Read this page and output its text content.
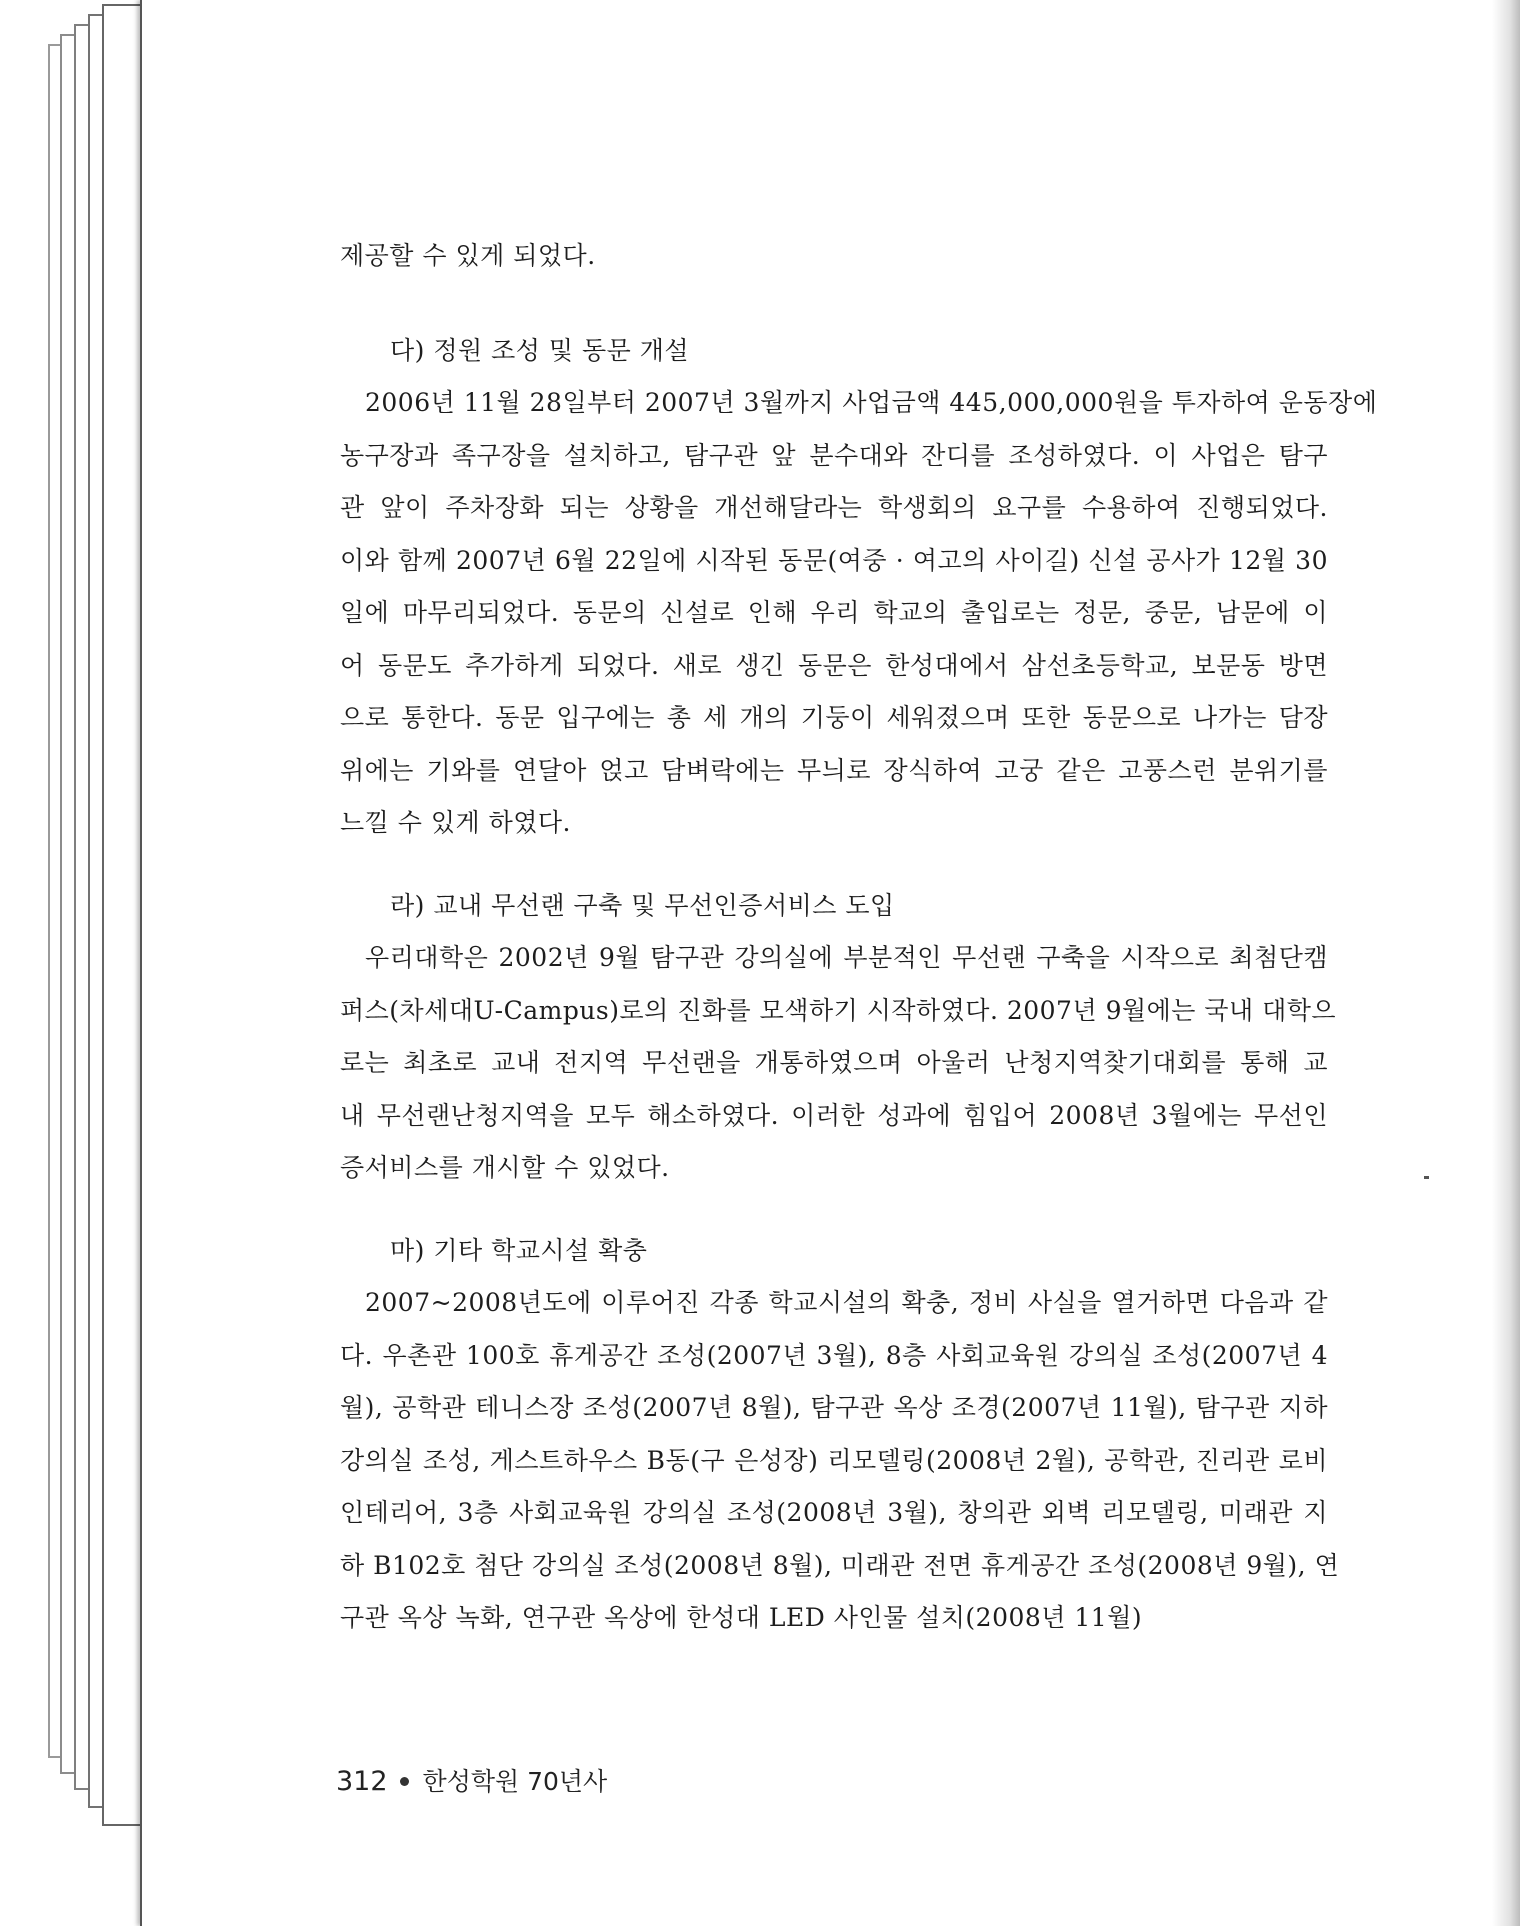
제공할 수 있게 되었다.
다) 정원 조성 및 동문 개설
2006년 11월 28일부터 2007년 3월까지 사업금액 445,000,000원을 투자하여 운동장에
농구장과 족구장을 설치하고, 탐구관 앞 분수대와 잔디를 조성하였다. 이 사업은 탐구
관 앞이 주차장화 되는 상황을 개선해달라는 학생회의 요구를 수용하여 진행되었다.
이와 함께 2007년 6월 22일에 시작된 동문(여중 · 여고의 사이길) 신설 공사가 12월 30
일에 마무리되었다. 동문의 신설로 인해 우리 학교의 출입로는 정문, 중문, 남문에 이
어 동문도 추가하게 되었다. 새로 생긴 동문은 한성대에서 삼선초등학교, 보문동 방면
으로 통한다. 동문 입구에는 총 세 개의 기둥이 세워졌으며 또한 동문으로 나가는 담장
위에는 기와를 연달아 얹고 담벼락에는 무늬로 장식하여 고궁 같은 고풍스런 분위기를
느낄 수 있게 하였다.
라) 교내 무선랜 구축 및 무선인증서비스 도입
우리대학은 2002년 9월 탐구관 강의실에 부분적인 무선랜 구축을 시작으로 최첨단캠
퍼스(차세대U-Campus)로의 진화를 모색하기 시작하였다. 2007년 9월에는 국내 대학으
로는 최초로 교내 전지역 무선랜을 개통하였으며 아울러 난청지역찾기대회를 통해 교
내 무선랜난청지역을 모두 해소하였다. 이러한 성과에 힘입어 2008년 3월에는 무선인
증서비스를 개시할 수 있었다.
마) 기타 학교시설 확충
2007~2008년도에 이루어진 각종 학교시설의 확충, 정비 사실을 열거하면 다음과 같
다. 우촌관 100호 휴게공간 조성(2007년 3월), 8층 사회교육원 강의실 조성(2007년 4
월), 공학관 테니스장 조성(2007년 8월), 탐구관 옥상 조경(2007년 11월), 탐구관 지하
강의실 조성, 게스트하우스 B동(구 은성장) 리모델링(2008년 2월), 공학관, 진리관 로비
인테리어, 3층 사회교육원 강의실 조성(2008년 3월), 창의관 외벽 리모델링, 미래관 지
하 B102호 첨단 강의실 조성(2008년 8월), 미래관 전면 휴게공간 조성(2008년 9월), 연
구관 옥상 녹화, 연구관 옥상에 한성대 LED 사인물 설치(2008년 11월)
312 한성학원 70년사
